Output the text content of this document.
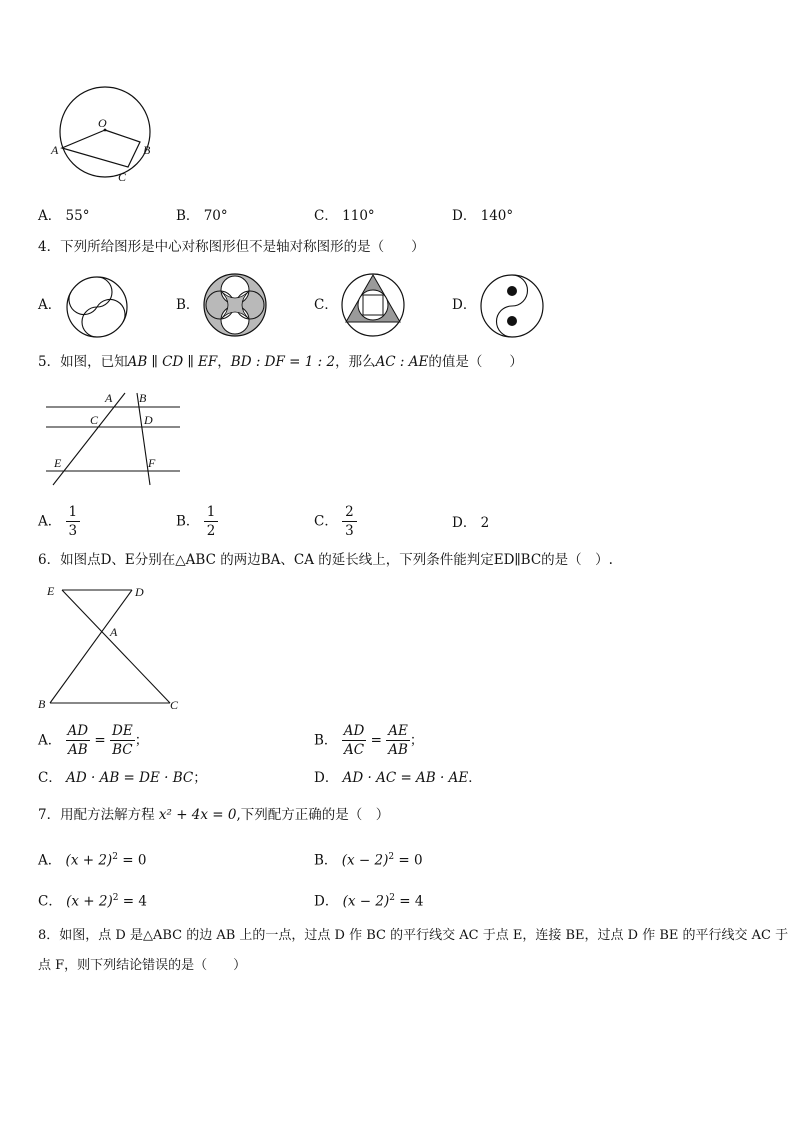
O
A	B
C
A． 55°	B． 70°	C． 110°	D． 140°
4．下列所给图形是中心对称图形但不是轴对称图形的是（　　）
A．	B．	C．	D．
5．如图，已知AB ∥ CD ∥ EF，BD : DF = 1 : 2，那么AC : AE的值是（　　）
A B
C	D
E	F
A． $\frac{1}{3}$	B． $\frac{1}{2}$	C． $\frac{2}{3}$	D． 2
6．如图点D、E分别在△ABC 的两边BA、CA 的延长线上，下列条件能判定ED∥BC的是（　）.
E	D
A
B	C
A． $\frac{AD}{AB} = \frac{DE}{BC}$ ；	B． $\frac{AD}{AC} = \frac{AE}{AB}$ ；
C． AD · AB = DE · BC；	D． AD · AC = AB · AE．
7．用配方法解方程 x² + 4x = 0,下列配方正确的是（　）
A． $(x + 2)^2 = 0$	B． $(x - 2)^2 = 0$
C． $(x + 2)^2 = 4$	D． $(x - 2)^2 = 4$
8．如图，点 D 是△ABC 的边 AB 上的一点，过点 D 作 BC 的平行线交 AC 于点 E，连接 BE，过点 D 作 BE 的平行线交 AC 于
点 F，则下列结论错误的是（　　）
